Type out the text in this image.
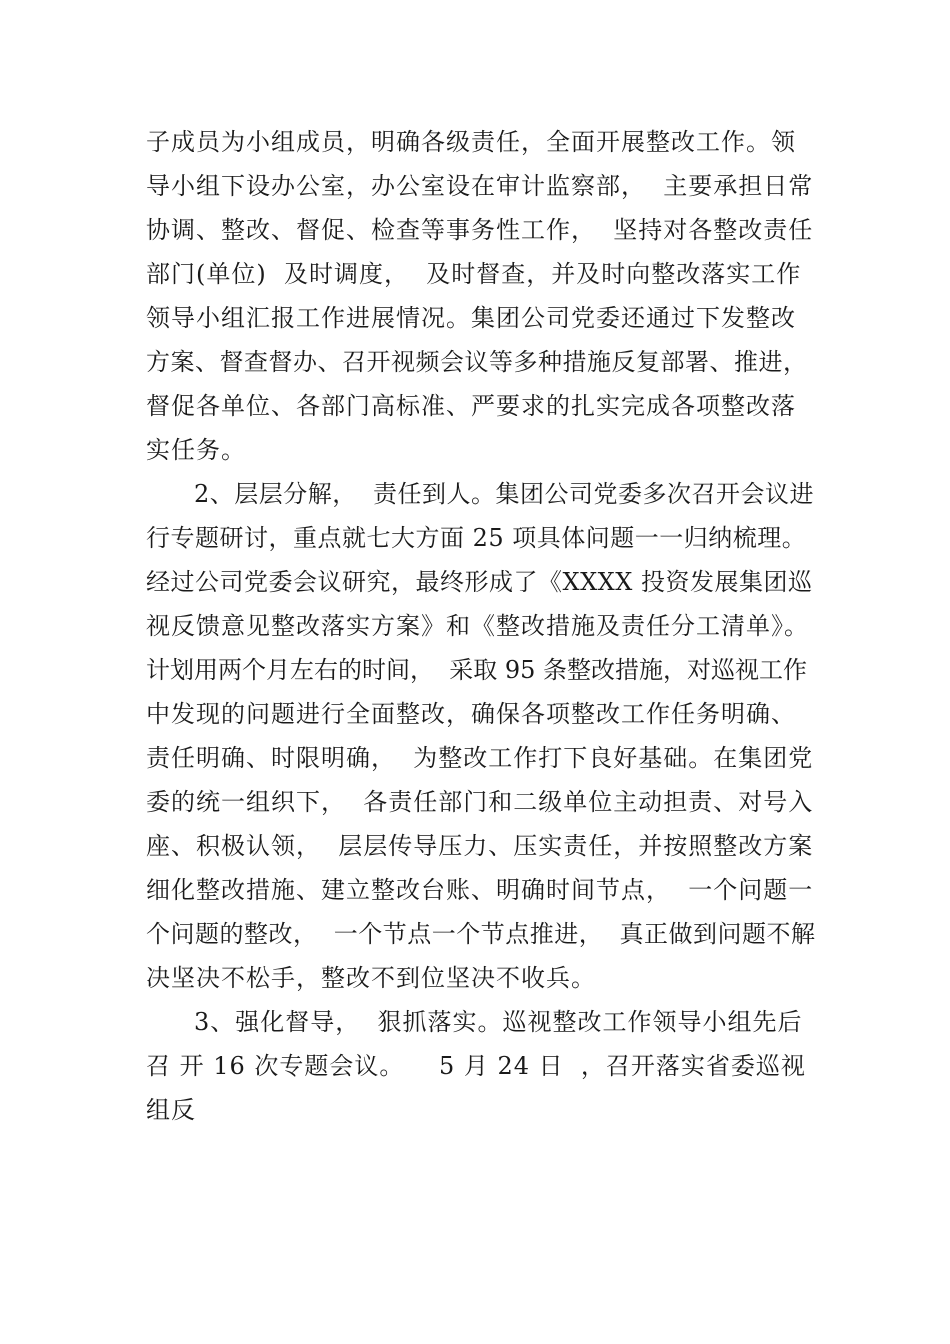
子成员为小组成员，明确各级责任，全面开展整改工作。领
导小组下设办公室，办公室设在审计监察部，  主要承担日常
协调、整改、督促、检查等事务性工作，  坚持对各整改责任
部门(单位)  及时调度，  及时督查，并及时向整改落实工作
领导小组汇报工作进展情况。集团公司党委还通过下发整改
方案、督查督办、召开视频会议等多种措施反复部署、推进，
督促各单位、各部门高标准、严要求的扎实完成各项整改落
实任务。
2、层层分解，  责任到人。集团公司党委多次召开会议进
行专题研讨，重点就七大方面 25 项具体问题一一归纳梳理。
经过公司党委会议研究，最终形成了《XXXX 投资发展集团巡
视反馈意见整改落实方案》和《整改措施及责任分工清单》。
计划用两个月左右的时间，  采取 95 条整改措施，对巡视工作
中发现的问题进行全面整改，确保各项整改工作任务明确、
责任明确、时限明确，  为整改工作打下良好基础。在集团党
委的统一组织下，  各责任部门和二级单位主动担责、对号入
座、积极认领，  层层传导压力、压实责任，并按照整改方案
细化整改措施、建立整改台账、明确时间节点，  一个问题一
个问题的整改，  一个节点一个节点推进，  真正做到问题不解
决坚决不松手，整改不到位坚决不收兵。
3、强化督导，  狠抓落实。巡视整改工作领导小组先后
召 开 16 次专题会议。    5 月 24 日  ，召开落实省委巡视
组反
